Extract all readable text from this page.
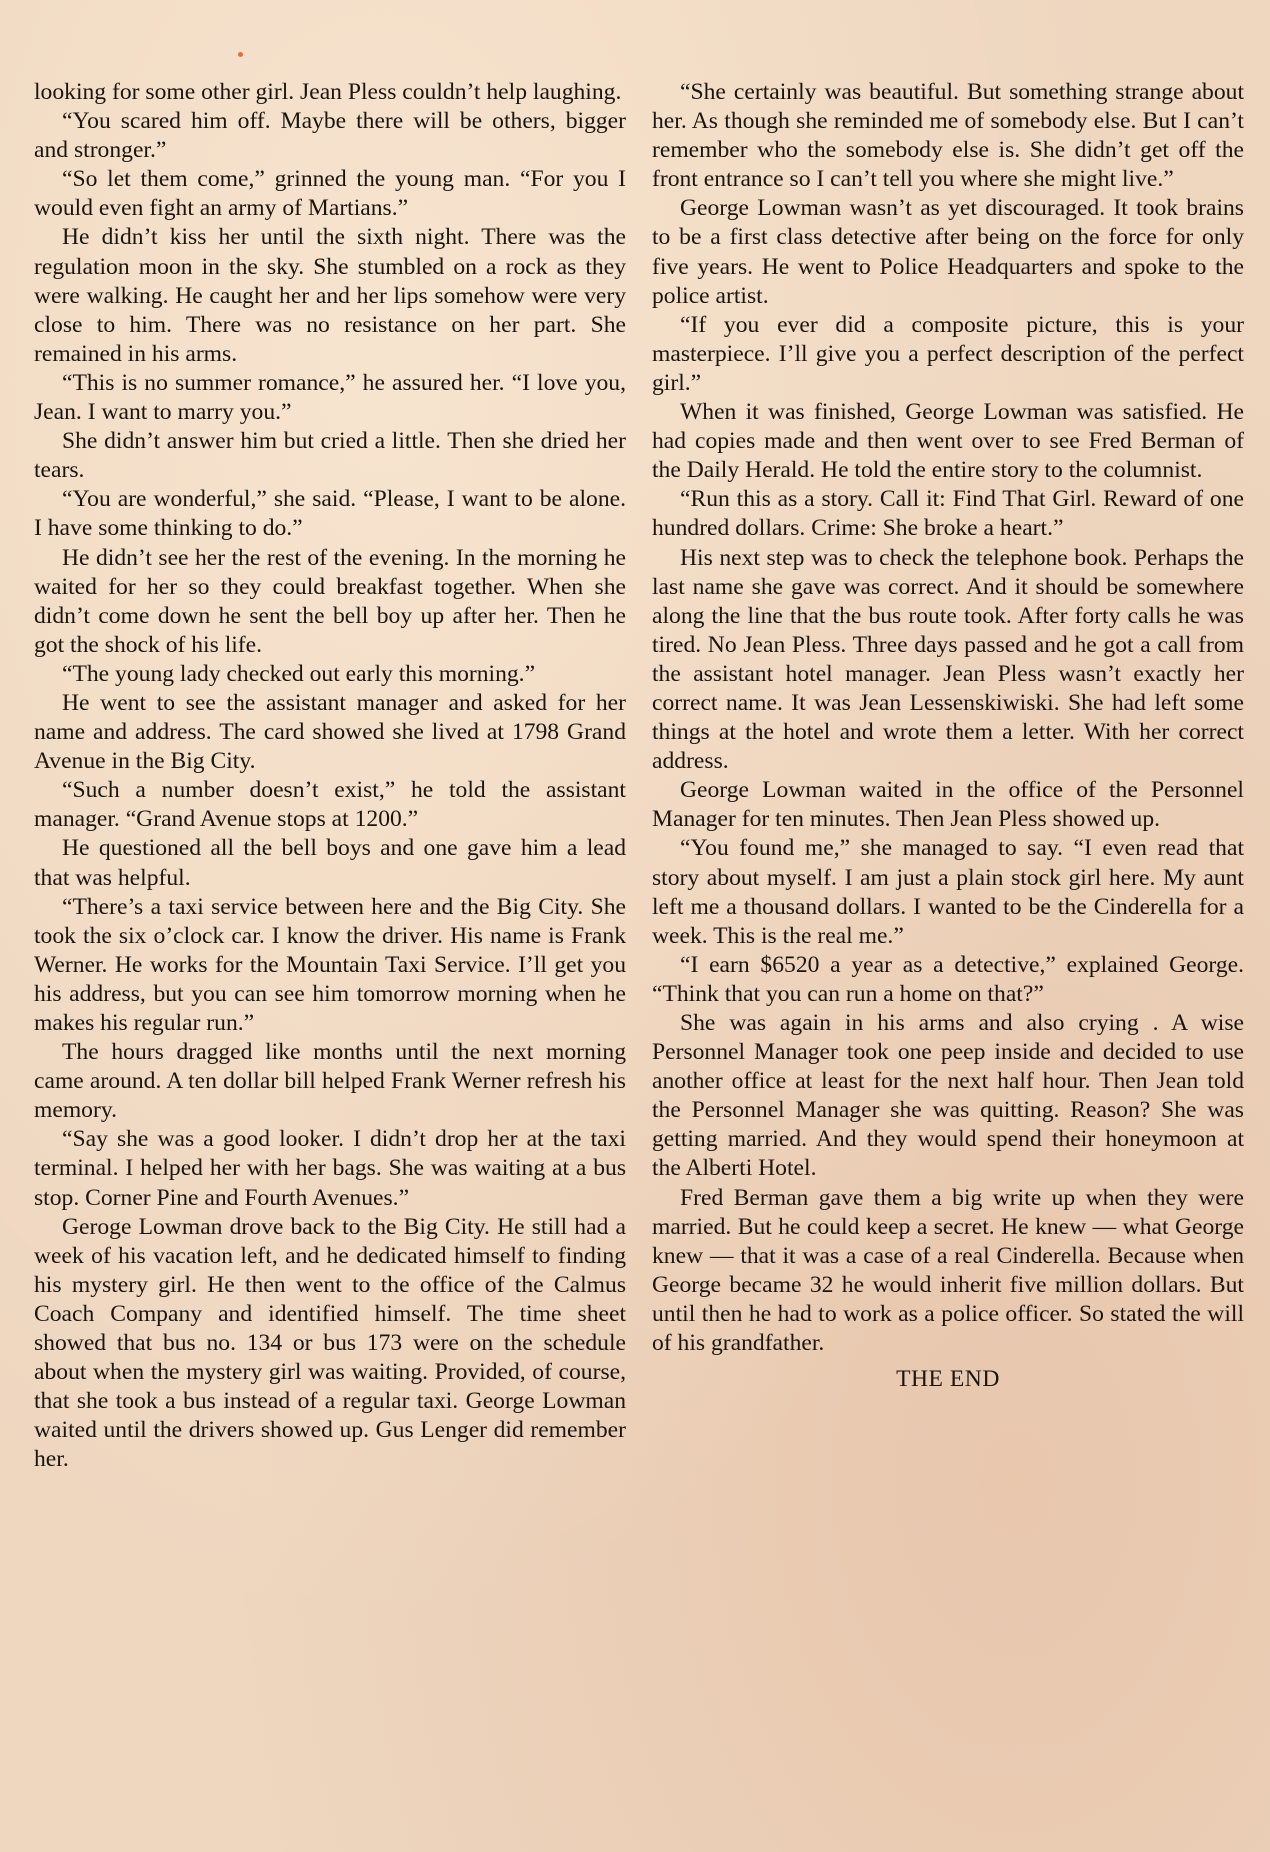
looking for some other girl. Jean Pless couldn’t help laughing.

“You scared him off. Maybe there will be others, bigger and stronger.”

“So let them come,” grinned the young man. “For you I would even fight an army of Martians.”

He didn’t kiss her until the sixth night. There was the regulation moon in the sky. She stumbled on a rock as they were walking. He caught her and her lips somehow were very close to him. There was no resistance on her part. She remained in his arms.

“This is no summer romance,” he assured her. “I love you, Jean. I want to marry you.”

She didn’t answer him but cried a little. Then she dried her tears.

“You are wonderful,” she said. “Please, I want to be alone. I have some thinking to do.”

He didn’t see her the rest of the evening. In the morning he waited for her so they could breakfast together. When she didn’t come down he sent the bell boy up after her. Then he got the shock of his life.

“The young lady checked out early this morning.”

He went to see the assistant manager and asked for her name and address. The card showed she lived at 1798 Grand Avenue in the Big City.

“Such a number doesn’t exist,” he told the assistant manager. “Grand Avenue stops at 1200.”

He questioned all the bell boys and one gave him a lead that was helpful.

“There’s a taxi service between here and the Big City. She took the six o’clock car. I know the driver. His name is Frank Werner. He works for the Mountain Taxi Service. I’ll get you his address, but you can see him tomorrow morning when he makes his regular run.”

The hours dragged like months until the next morning came around. A ten dollar bill helped Frank Werner refresh his memory.

“Say she was a good looker. I didn’t drop her at the taxi terminal. I helped her with her bags. She was waiting at a bus stop. Corner Pine and Fourth Avenues.”

Gerоge Lowman drove back to the Big City. He still had a week of his vacation left, and he dedicated himself to finding his mystery girl. He then went to the office of the Calmus Coach Company and identified himself. The time sheet showed that bus no. 134 or bus 173 were on the schedule about when the mystery girl was waiting. Provided, of course, that she took a bus instead of a regular taxi. George Lowman waited until the drivers showed up. Gus Lenger did remember her.

“She certainly was beautiful. But something strange about her. As though she reminded me of somebody else. But I can’t remember who the somebody else is. She didn’t get off the front entrance so I can’t tell you where she might live.”

George Lowman wasn’t as yet discouraged. It took brains to be a first class detective after being on the force for only five years. He went to Police Headquarters and spoke to the police artist.

“If you ever did a composite picture, this is your masterpiece. I’ll give you a perfect description of the perfect girl.”

When it was finished, George Lowman was satisfied. He had copies made and then went over to see Fred Berman of the Daily Herald. He told the entire story to the columnist.

“Run this as a story. Call it: Find That Girl. Reward of one hundred dollars. Crime: She broke a heart.”

His next step was to check the telephone book. Perhaps the last name she gave was correct. And it should be somewhere along the line that the bus route took. After forty calls he was tired. No Jean Pless. Three days passed and he got a call from the assistant hotel manager. Jean Pless wasn’t exactly her correct name. It was Jean Lessenskiwiski. She had left some things at the hotel and wrote them a letter. With her correct address.

George Lowman waited in the office of the Personnel Manager for ten minutes. Then Jean Pless showed up.

“You found me,” she managed to say. “I even read that story about myself. I am just a plain stock girl here. My aunt left me a thousand dollars. I wanted to be the Cinderella for a week. This is the real me.”

“I earn $6520 a year as a detective,” explained George. “Think that you can run a home on that?”

She was again in his arms and also crying . A wise Personnel Manager took one peep inside and decided to use another office at least for the next half hour. Then Jean told the Personnel Manager she was quitting. Reason? She was getting married. And they would spend their honeymoon at the Alberti Hotel.

Fred Berman gave them a big write up when they were married. But he could keep a secret. He knew — what George knew — that it was a case of a real Cinderella. Because when George became 32 he would inherit five million dollars. But until then he had to work as a police officer. So stated the will of his grandfather.

THE END
